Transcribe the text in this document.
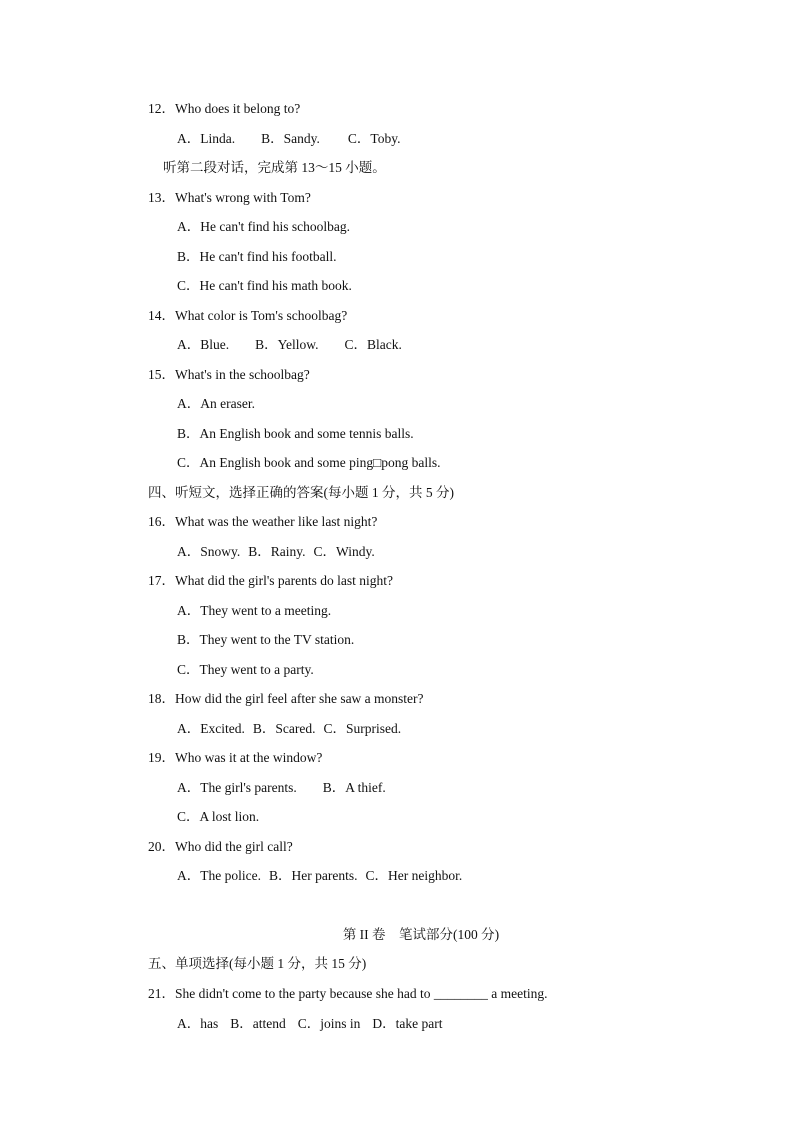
12．Who does it belong to?
A．Linda. B．Sandy. C．Toby.
听第二段对话，完成第 13～15 小题。
13．What's wrong with Tom?
A．He can't find his schoolbag.
B．He can't find his football.
C．He can't find his math book.
14．What color is Tom's schoolbag?
A．Blue. B．Yellow. C．Black.
15．What's in the schoolbag?
A．An eraser.
B．An English book and some tennis balls.
C．An English book and some ping□pong balls.
四、听短文，选择正确的答案(每小题 1 分，共 5 分)
16．What was the weather like last night?
A．Snowy. B．Rainy. C．Windy.
17．What did the girl's parents do last night?
A．They went to a meeting.
B．They went to the TV station.
C．They went to a party.
18．How did the girl feel after she saw a monster?
A．Excited. B．Scared. C．Surprised.
19．Who was it at the window?
A．The girl's parents. B．A thief.
C．A lost lion.
20．Who did the girl call?
A．The police. B．Her parents. C．Her neighbor.
第 II 卷　笔试部分(100 分)
五、单项选择(每小题 1 分，共 15 分)
21．She didn't come to the party because she had to ________ a meeting.
A．has B．attend C．joins in D．take part
